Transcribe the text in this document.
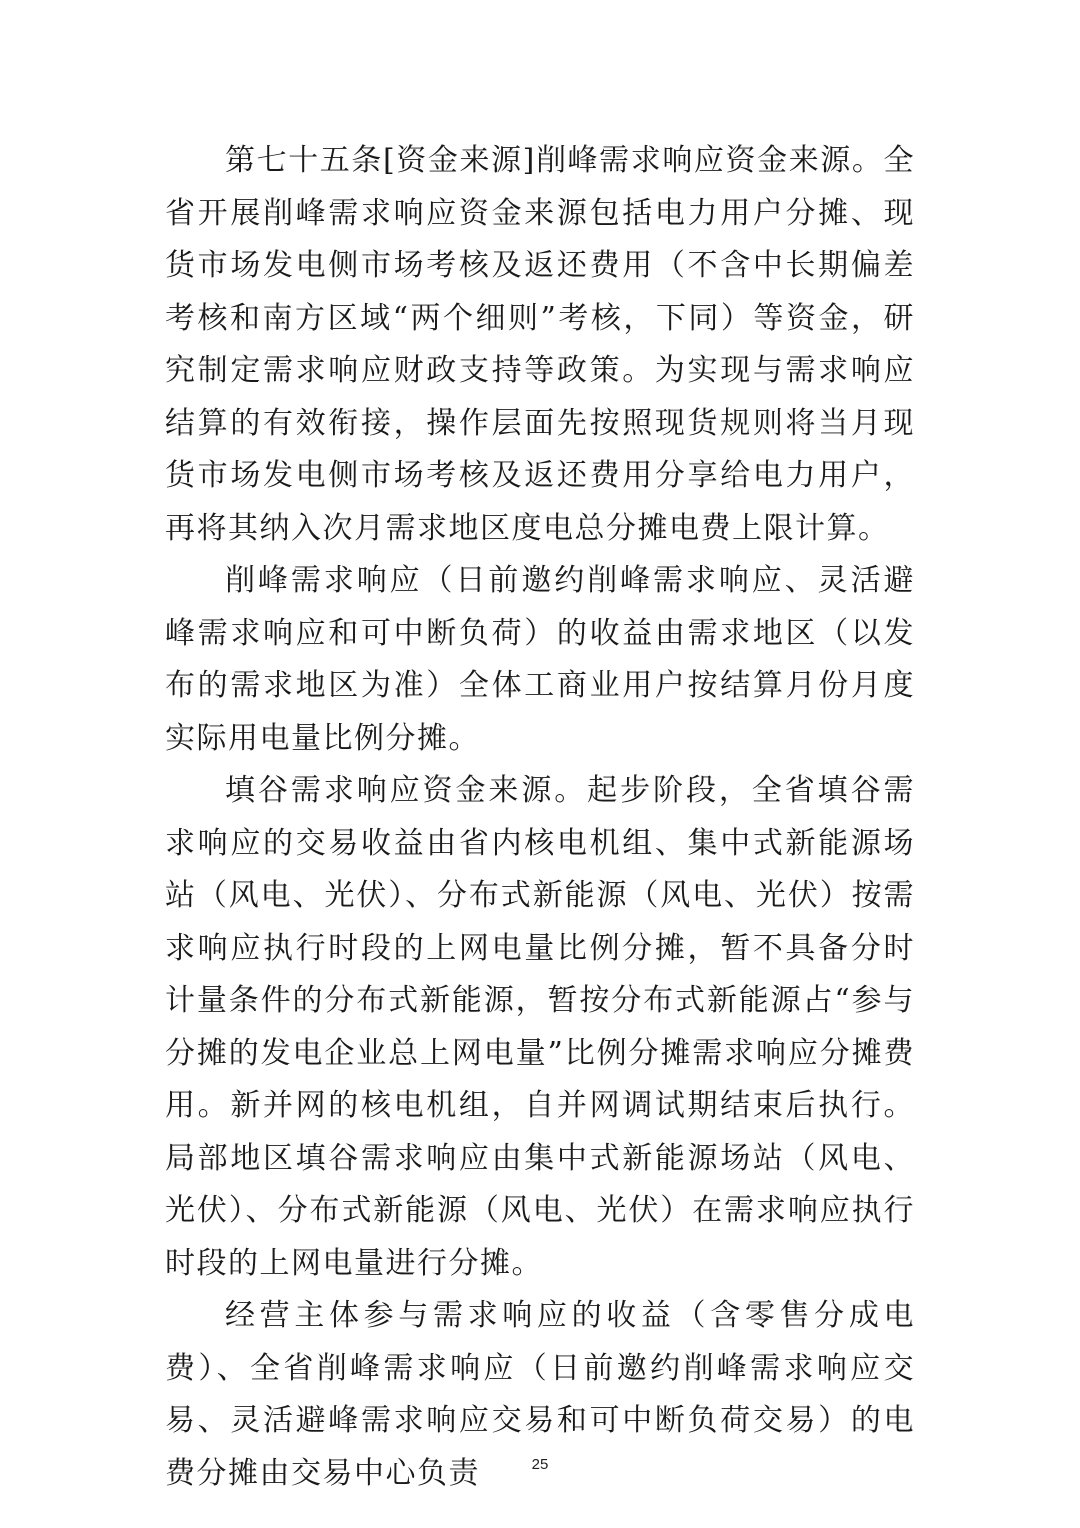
第七十五条[资金来源]削峰需求响应资金来源。全省开展削峰需求响应资金来源包括电力用户分摊、现货市场发电侧市场考核及返还费用（不含中长期偏差考核和南方区域“两个细则”考核，下同）等资金，研究制定需求响应财政支持等政策。为实现与需求响应结算的有效衔接，操作层面先按照现货规则将当月现货市场发电侧市场考核及返还费用分享给电力用户，再将其纳入次月需求地区度电总分摊电费上限计算。

削峰需求响应（日前邀约削峰需求响应、灵活避峰需求响应和可中断负荷）的收益由需求地区（以发布的需求地区为准）全体工商业用户按结算月份月度实际用电量比例分摊。

填谷需求响应资金来源。起步阶段，全省填谷需求响应的交易收益由省内核电机组、集中式新能源场站（风电、光伏）、分布式新能源（风电、光伏）按需求响应执行时段的上网电量比例分摊，暂不具备分时计量条件的分布式新能源，暂按分布式新能源占“参与分摊的发电企业总上网电量”比例分摊需求响应分摊费用。新并网的核电机组，自并网调试期结束后执行。局部地区填谷需求响应由集中式新能源场站（风电、光伏）、分布式新能源（风电、光伏）在需求响应执行时段的上网电量进行分摊。

经营主体参与需求响应的收益（含零售分成电费）、全省削峰需求响应（日前邀约削峰需求响应交易、灵活避峰需求响应交易和可中断负荷交易）的电费分摊由交易中心负责	25
